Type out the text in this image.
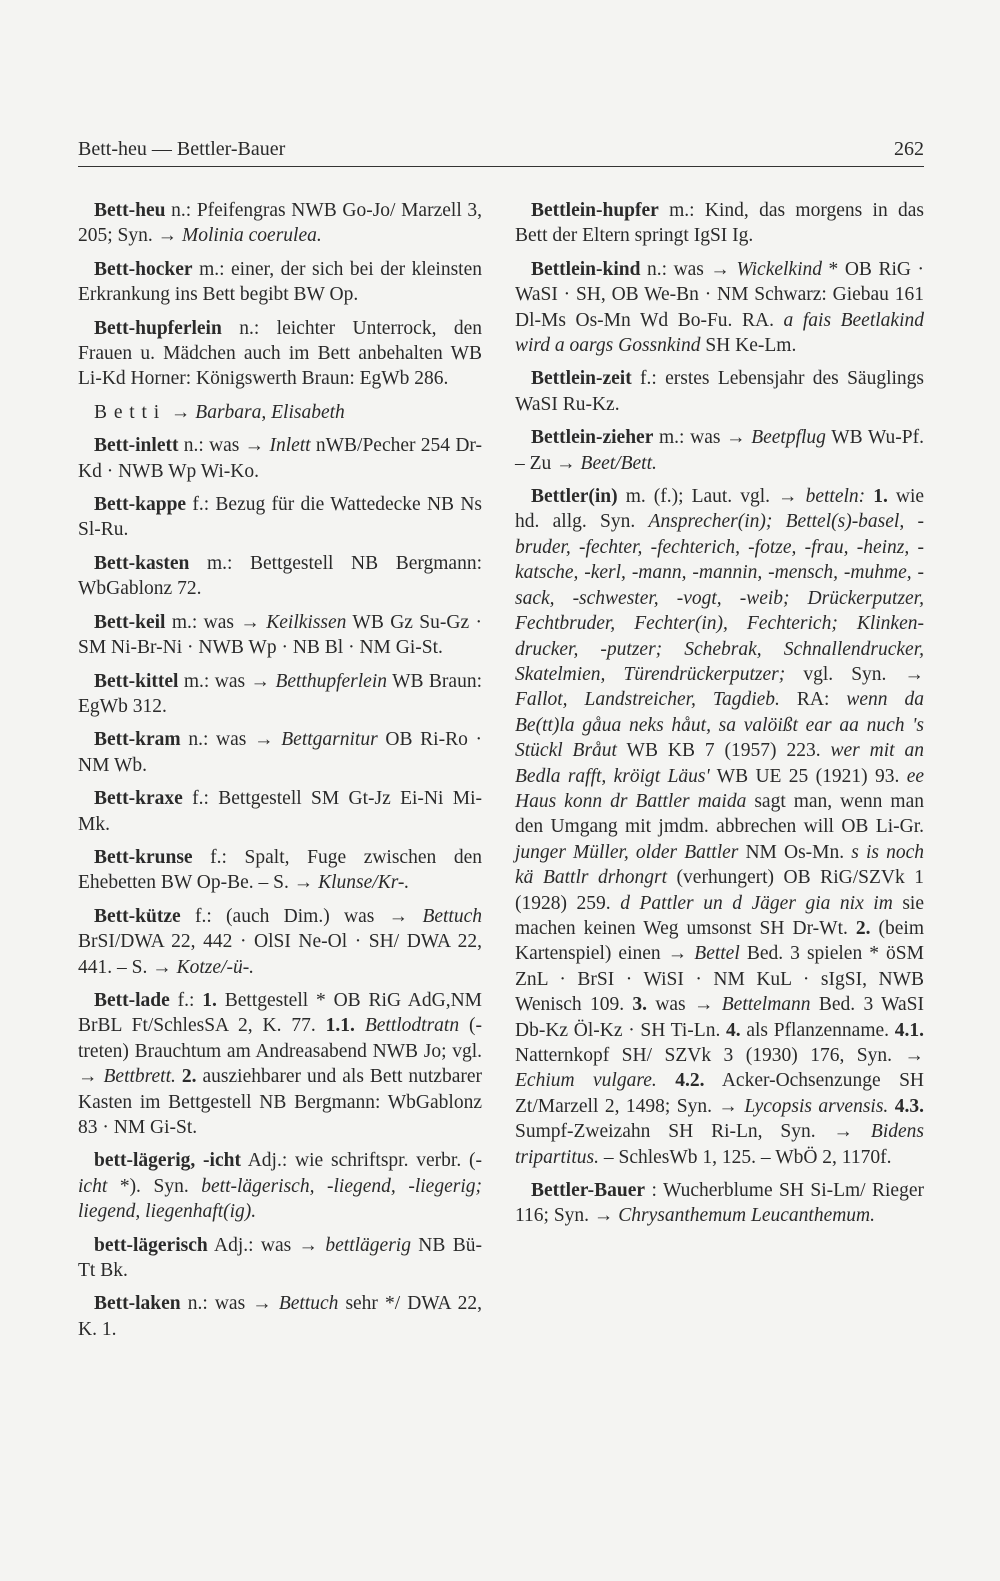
Bett-heu — Bettler-Bauer	262

Bett-heu n.: Pfeifengras NWB Go-Jo/ Marzell 3, 205; Syn. → Molinia coerulea.

Bett-hocker m.: einer, der sich bei der kleinsten Erkrankung ins Bett begibt BW Op.

Bett-hupferlein n.: leichter Unterrock, den Frauen u. Mädchen auch im Bett anbehalten WB Li-Kd Horner: Königswerth Braun: EgWb 286.

Betti → Barbara, Elisabeth

Bett-inlett n.: was → Inlett nWB/Pecher 254 Dr-Kd · NWB Wp Wi-Ko.

Bett-kappe f.: Bezug für die Wattedecke NB Ns Sl-Ru.

Bett-kasten m.: Bettgestell NB Bergmann: WbGablonz 72.

Bett-keil m.: was → Keilkissen WB Gz Su-Gz · SM Ni-Br-Ni · NWB Wp · NB Bl · NM Gi-St.

Bett-kittel m.: was → Betthupferlein WB Braun: EgWb 312.

Bett-kram n.: was → Bettgarnitur OB Ri-Ro · NM Wb.

Bett-kraxe f.: Bettgestell SM Gt-Jz Ei-Ni Mi-Mk.

Bett-krunse f.: Spalt, Fuge zwischen den Ehebetten BW Op-Be. – S. → Klunse/Kr-.

Bett-kütze f.: (auch Dim.) was → Bettuch BrSI/DWA 22, 442 · OlSI Ne-Ol · SH/ DWA 22, 441. – S. → Kotze/-ü-.

Bett-lade f.: 1. Bettgestell * OB RiG AdG,NM BrBL Ft/SchlesSA 2, K. 77. 1.1. Bettlodtratn (-treten) Brauchtum am Andreasabend NWB Jo; vgl. → Bettbrett. 2. ausziehbarer und als Bett nutzbarer Kasten im Bettgestell NB Bergmann: WbGablonz 83 · NM Gi-St.

bett-lägerig, -icht Adj.: wie schriftspr. verbr. (-icht *). Syn. bett-lägerisch, -liegend, -liegerig; liegend, liegenhaft(ig).

bett-lägerisch Adj.: was → bettlägerig NB Bü-Tt Bk.

Bett-laken n.: was → Bettuch sehr */ DWA 22, K. 1.

Bettlein-hupfer m.: Kind, das morgens in das Bett der Eltern springt IgSI Ig.

Bettlein-kind n.: was → Wickelkind * OB RiG · WaSI · SH, OB We-Bn · NM Schwarz: Giebau 161 Dl-Ms Os-Mn Wd Bo-Fu. RA. a fais Beetlakind wird a oargs Gossnkind SH Ke-Lm.

Bettlein-zeit f.: erstes Lebensjahr des Säuglings WaSI Ru-Kz.

Bettlein-zieher m.: was → Beetpflug WB Wu-Pf. – Zu → Beet/Bett.

Bettler(in) m. (f.); Laut. vgl. → betteln: 1. wie hd. allg. Syn. Ansprecher(in); Bettel(s)-basel, -bruder, -fechter, -fechterich, -fotze, -frau, -heinz, -katsche, -kerl, -mann, -mannin, -mensch, -muhme, -sack, -schwester, -vogt, -weib; Drückerputzer, Fechtbruder, Fechter(in), Fechterich; Klinken-drucker, -putzer; Schebrak, Schnallendrucker, Skatelmien, Türendrückerputzer; vgl. Syn. → Fallot, Landstreicher, Tagdieb. RA: wenn da Be(tt)la gåua neks håut, sa valöißt ear aa nuch 's Stückl Bråut WB KB 7 (1957) 223. wer mit an Bedla rafft, kröigt Läus' WB UE 25 (1921) 93. ee Haus konn dr Battler maida sagt man, wenn man den Umgang mit jmdm. abbrechen will OB Li-Gr. junger Müller, older Battler NM Os-Mn. s is noch kä Battlr drhongrt (verhungert) OB RiG/SZVk 1 (1928) 259. d Pattler un d Jäger gia nix im sie machen keinen Weg umsonst SH Dr-Wt. 2. (beim Kartenspiel) einen → Bettel Bed. 3 spielen * öSM ZnL · BrSI · WiSI · NM KuL · sIgSI, NWB Wenisch 109. 3. was → Bettelmann Bed. 3 WaSI Db-Kz Öl-Kz · SH Ti-Ln. 4. als Pflanzenname. 4.1. Natternkopf SH/ SZVk 3 (1930) 176, Syn. → Echium vulgare. 4.2. Acker-Ochsenzunge SH Zt/Marzell 2, 1498; Syn. → Lycopsis arvensis. 4.3. Sumpf-Zweizahn SH Ri-Ln, Syn. → Bidens tripartitus. – SchlesWb 1, 125. – WbÖ 2, 1170f.

Bettler-Bauer : Wucherblume SH Si-Lm/ Rieger 116; Syn. → Chrysanthemum Leucanthemum.
